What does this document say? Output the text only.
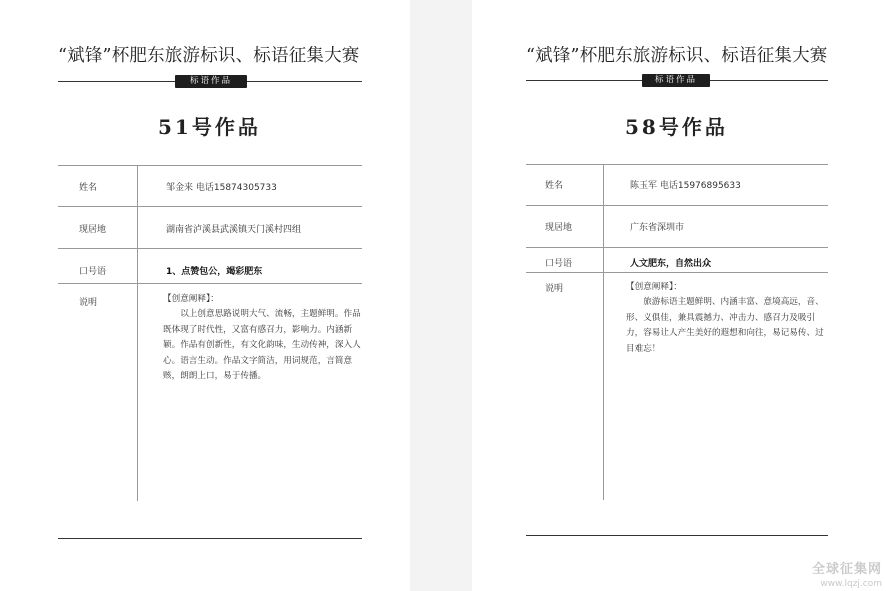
“斌锋”杯肥东旅游标识、标语征集大赛
标语作品
51号作品
姓名	邹金来 电话15874305733
现居地	湖南省泸溪县武溪镇天门溪村四组
口号语	1、点赞包公，竭彩肥东
说明	【创意阐释】：

以上创意思路说明大气、流畅，主题鲜明。作品既体现了时代性，又富有感召力，影响力。内涵新颖。作品有创新性，有文化韵味，生动传神，深入人心。语言生动。作品文字简洁，用词规范，言简意赅，朗朗上口，易于传播。

“斌锋”杯肥东旅游标识、标语征集大赛
标语作品
58号作品
姓名	陈玉军 电话15976895633
现居地	广东省深圳市
口号语	人文肥东，自然出众
说明	【创意阐释】：

旅游标语主题鲜明、内涵丰富、意境高远，音、形、义俱佳，兼具震撼力、冲击力、感召力及吸引力，容易让人产生美好的遐想和向往，易记易传、过目难忘！

全球征集网
www.lqzj.com
